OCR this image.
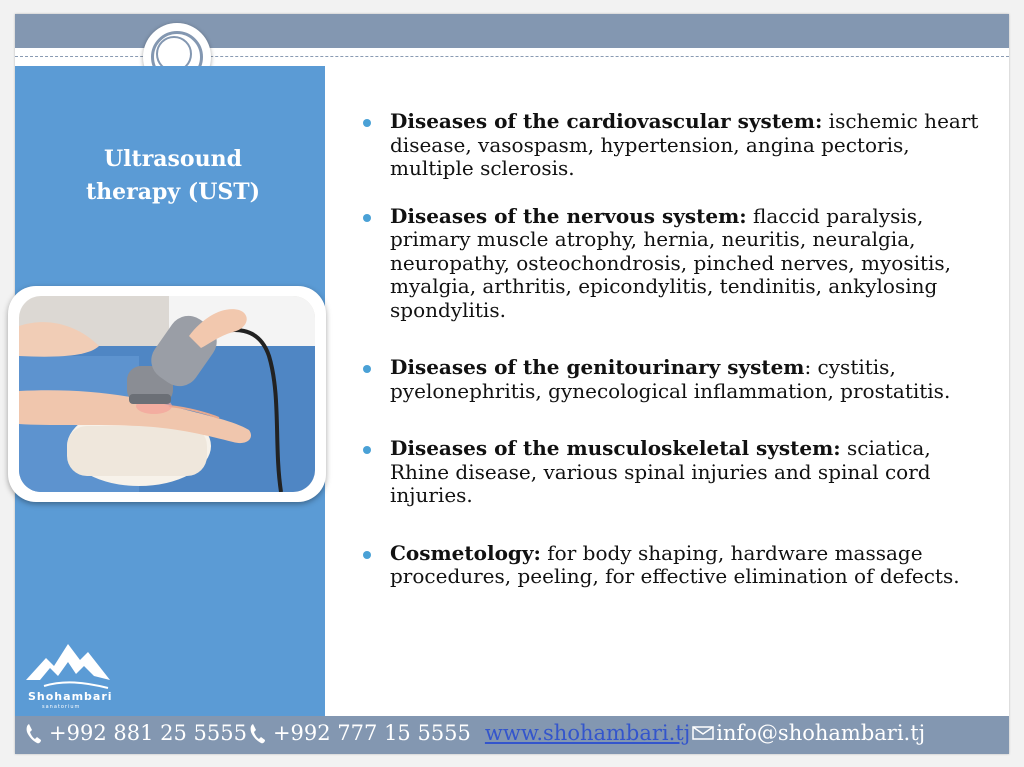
Ultrasound therapy (UST)
Shohambari
sanatorium
Diseases of the cardiovascular system: ischemic heart disease, vasospasm, hypertension, angina pectoris, multiple sclerosis.
Diseases of the nervous system: flaccid paralysis, primary muscle atrophy, hernia, neuritis, neuralgia, neuropathy, osteochondrosis, pinched nerves, myositis, myalgia, arthritis, epicondylitis, tendinitis, ankylosing spondylitis.
Diseases of the genitourinary system: cystitis, pyelonephritis, gynecological inflammation, prostatitis.
Diseases of the musculoskeletal system: sciatica, Rhine disease, various spinal injuries and spinal cord injuries.
Cosmetology: for body shaping, hardware massage procedures, peeling, for effective elimination of defects.
+992 881 25 5555 +992 777 15 5555 www.shohambari.tj info@shohambari.tj
